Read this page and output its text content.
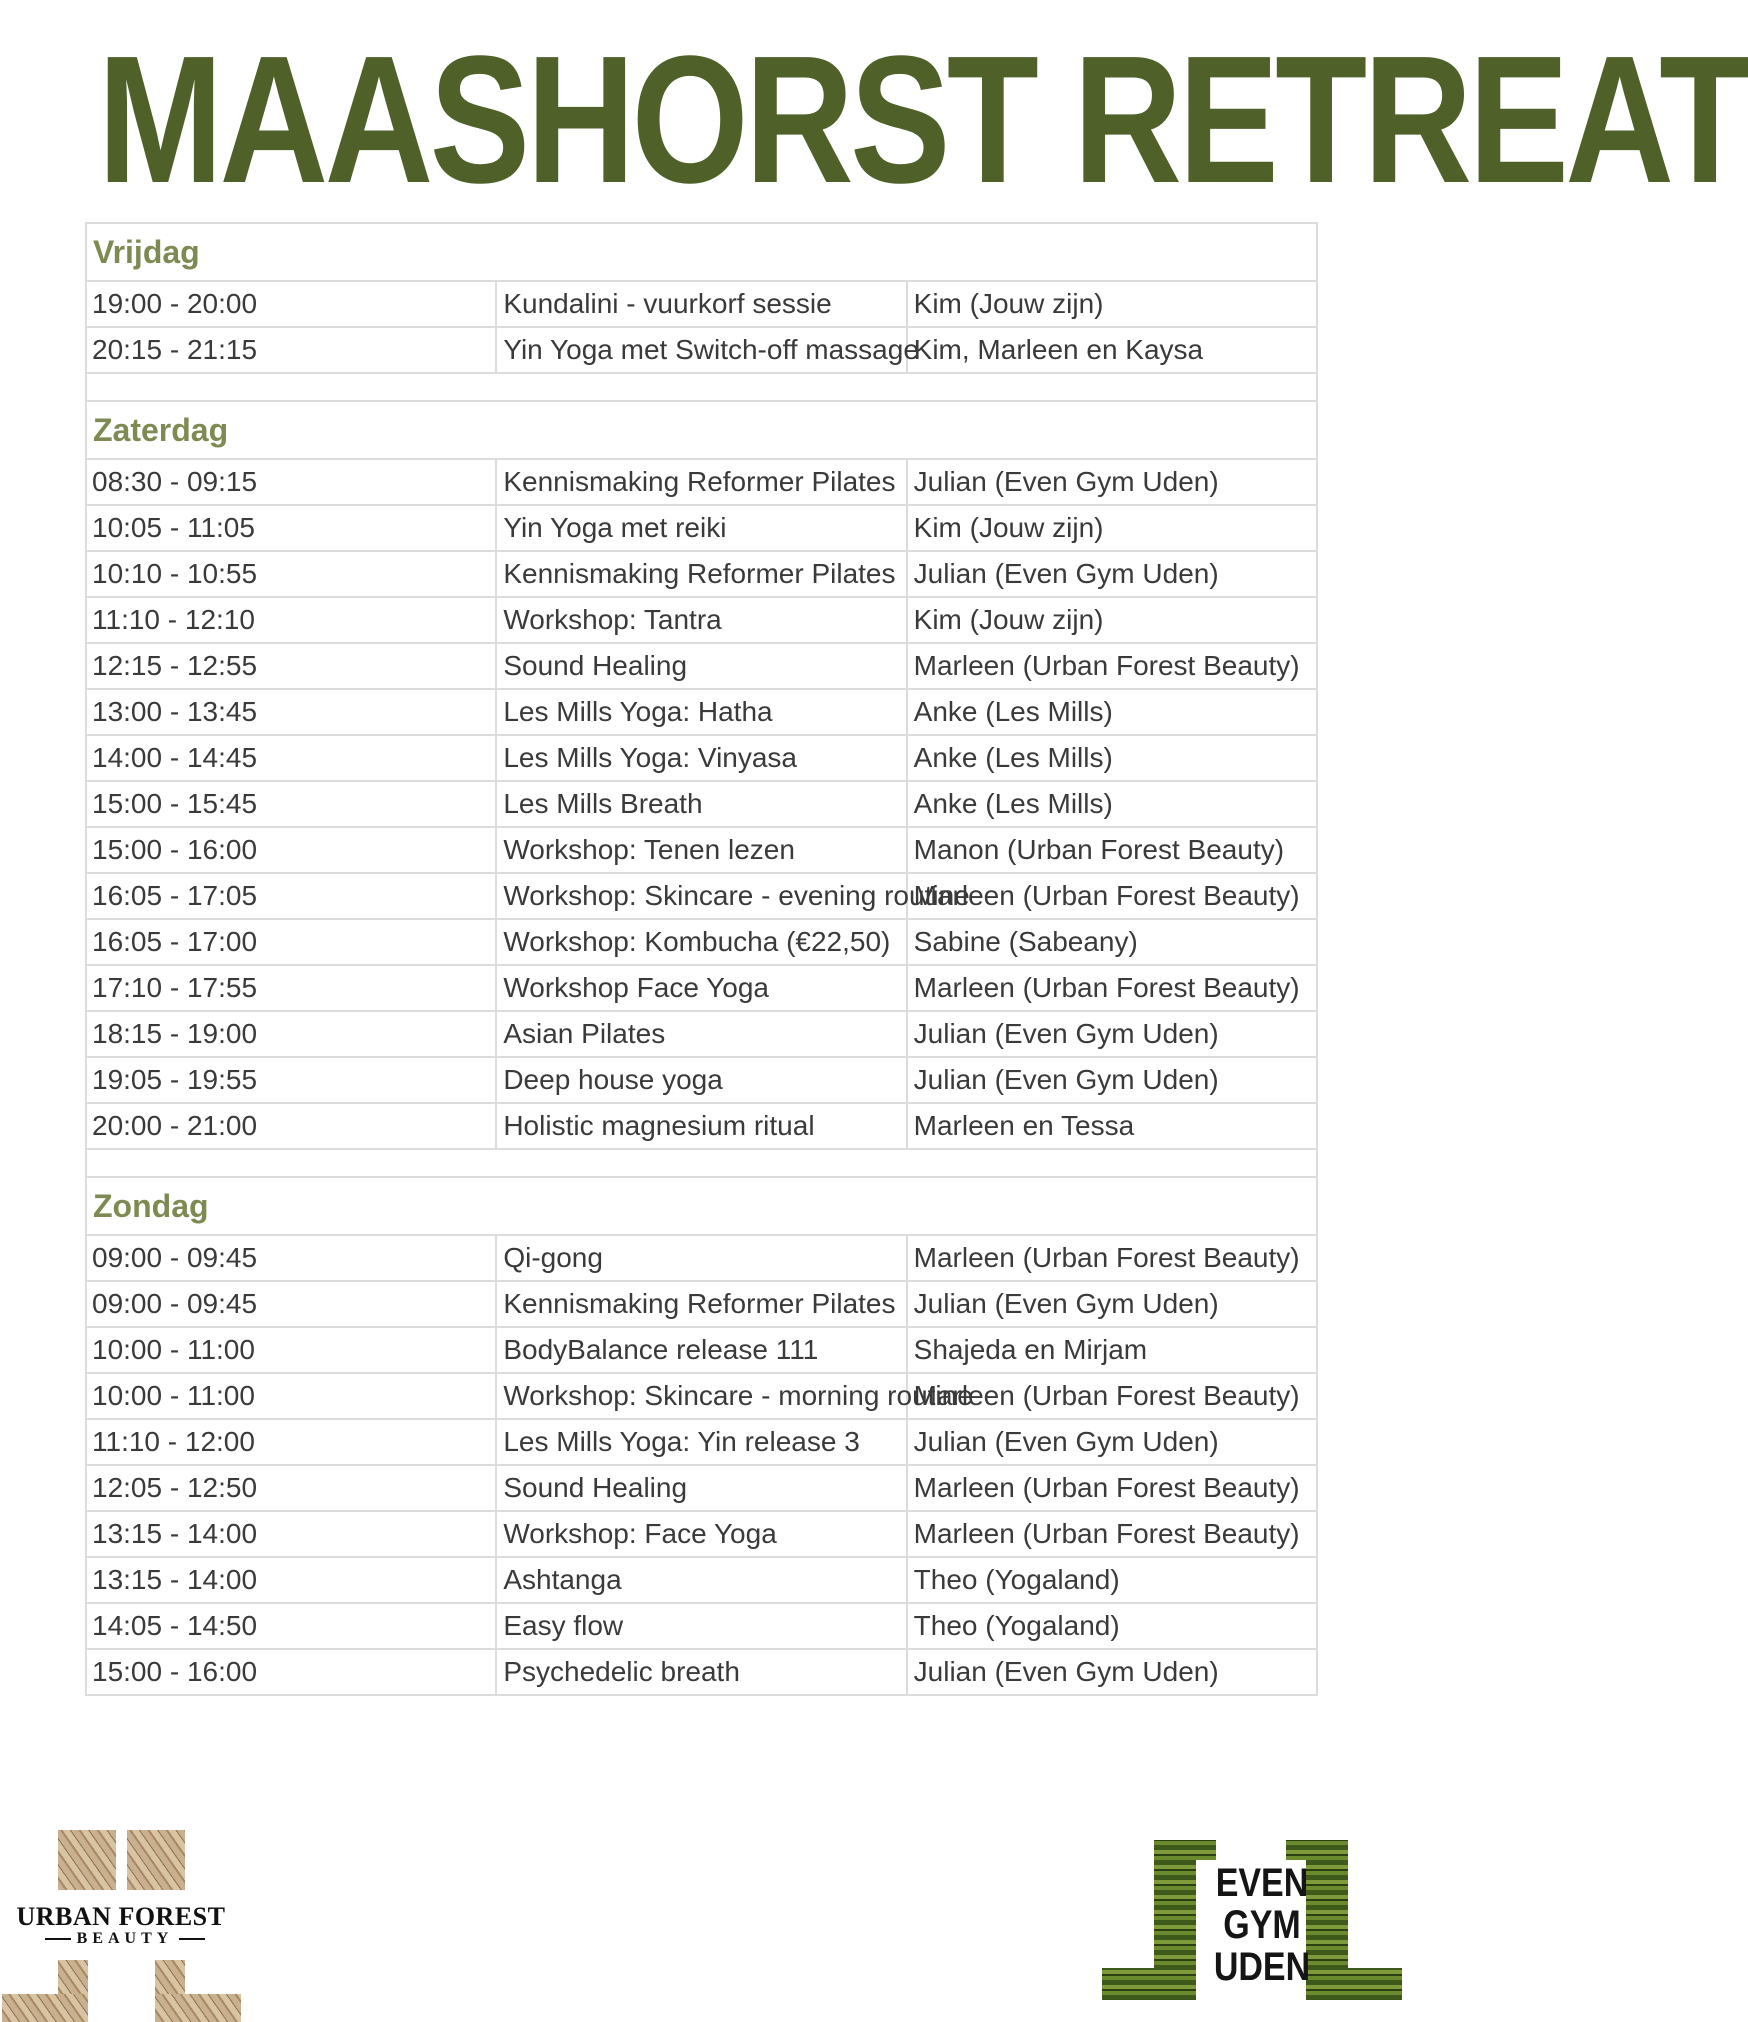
MAASHORST RETREAT
Vrijdag		
19:00 - 20:00	Kundalini - vuurkorf sessie	Kim (Jouw zijn)
20:15 - 21:15	Yin Yoga met Switch-off massage	Kim, Marleen en Kaysa

Zaterdag		
08:30 - 09:15	Kennismaking Reformer Pilates	Julian (Even Gym Uden)
10:05 - 11:05	Yin Yoga met reiki	Kim (Jouw zijn)
10:10 - 10:55	Kennismaking Reformer Pilates	Julian (Even Gym Uden)
11:10 - 12:10	Workshop: Tantra	Kim (Jouw zijn)
12:15 - 12:55	Sound Healing	Marleen (Urban Forest Beauty)
13:00 - 13:45	Les Mills Yoga: Hatha	Anke (Les Mills)
14:00 - 14:45	Les Mills Yoga: Vinyasa	Anke (Les Mills)
15:00 - 15:45	Les Mills Breath	Anke (Les Mills)
15:00 - 16:00	Workshop: Tenen lezen	Manon (Urban Forest Beauty)
16:05 - 17:05	Workshop: Skincare - evening routine	Marleen (Urban Forest Beauty)
16:05 - 17:00	Workshop: Kombucha (€22,50)	Sabine (Sabeany)
17:10 - 17:55	Workshop Face Yoga	Marleen (Urban Forest Beauty)
18:15 - 19:00	Asian Pilates	Julian (Even Gym Uden)
19:05 - 19:55	Deep house yoga	Julian (Even Gym Uden)
20:00 - 21:00	Holistic magnesium ritual	Marleen en Tessa

Zondag		
09:00 - 09:45	Qi-gong	Marleen (Urban Forest Beauty)
09:00 - 09:45	Kennismaking Reformer Pilates	Julian (Even Gym Uden)
10:00 - 11:00	BodyBalance release 111	Shajeda en Mirjam
10:00 - 11:00	Workshop: Skincare - morning routine	Marleen (Urban Forest Beauty)
11:10 - 12:00	Les Mills Yoga: Yin release 3	Julian (Even Gym Uden)
12:05 - 12:50	Sound Healing	Marleen (Urban Forest Beauty)
13:15 - 14:00	Workshop: Face Yoga	Marleen (Urban Forest Beauty)
13:15 - 14:00	Ashtanga	Theo (Yogaland)
14:05 - 14:50	Easy flow	Theo (Yogaland)
15:00 - 16:00	Psychedelic breath	Julian (Even Gym Uden)
URBAN FOREST
BEAUTY
EVEN
GYM
UDEN
